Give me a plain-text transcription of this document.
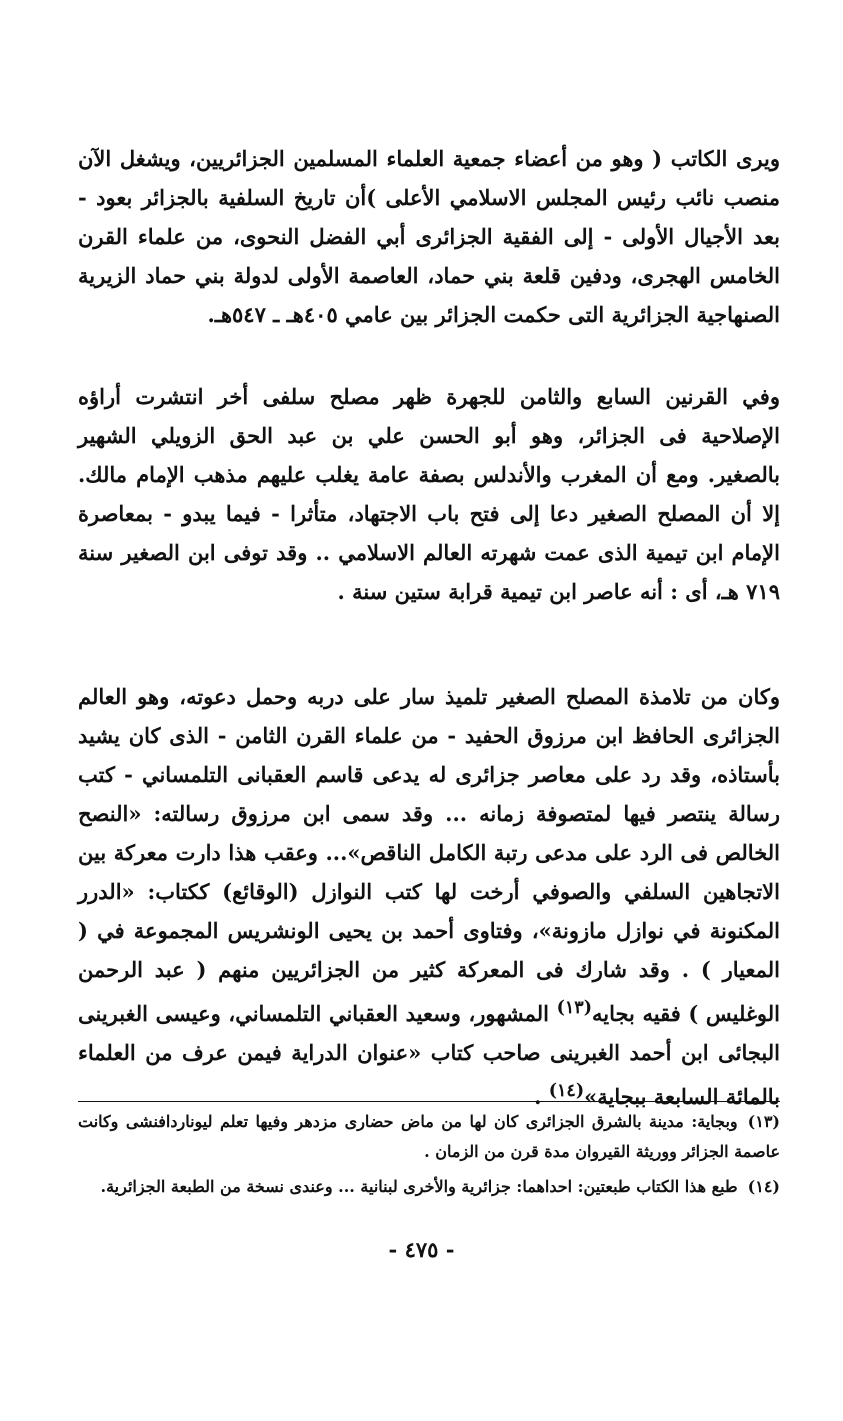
ويرى الكاتب ( وهو من أعضاء جمعية العلماء المسلمين الجزائريين، ويشغل الآن منصب نائب رئيس المجلس الاسلامي الأعلى )أن تاريخ السلفية بالجزائر بعود - بعد الأجيال الأولى - إلى الفقية الجزائرى أبي الفضل النحوى، من علماء القرن الخامس الهجرى، ودفين قلعة بني حماد، العاصمة الأولى لدولة بني حماد الزيرية الصنهاجية الجزائرية التى حكمت الجزائر بين عامي ٤٠٥هـ ـ ٥٤٧هـ.

وفي القرنين السابع والثامن للجهرة ظهر مصلح سلفى أخر انتشرت أراؤه الإصلاحية فى الجزائر، وهو أبو الحسن علي بن عبد الحق الزويلي الشهير بالصغير. ومع أن المغرب والأندلس بصفة عامة يغلب عليهم مذهب الإمام مالك. إلا أن المصلح الصغير دعا إلى فتح باب الاجتهاد، متأثرا - فيما يبدو - بمعاصرة الإمام ابن تيمية الذى عمت شهرته العالم الاسلامي .. وقد توفى ابن الصغير سنة ٧١٩ هـ، أى : أنه عاصر ابن تيمية قرابة ستين سنة .

وكان من تلامذة المصلح الصغير تلميذ سار على دربه وحمل دعوته، وهو العالم الجزائرى الحافظ ابن مرزوق الحفيد - من علماء القرن الثامن - الذى كان يشيد بأستاذه، وقد رد على معاصر جزائرى له يدعى قاسم العقبانى التلمساني - كتب رسالة ينتصر فيها لمتصوفة زمانه ... وقد سمى ابن مرزوق رسالته: «النصح الخالص فى الرد على مدعى رتبة الكامل الناقص»... وعقب هذا دارت معركة بين الاتجاهين السلفي والصوفي أرخت لها كتب النوازل (الوقائع) ككتاب: «الدرر المكنونة في نوازل مازونة»، وفتاوى أحمد بن يحيى الونشريس المجموعة في ( المعيار ) . وقد شارك فى المعركة كثير من الجزائريين منهم ( عبد الرحمن الوغليس ) فقيه بجايه$^{(١٣)}$ المشهور، وسعيد العقباني التلمساني، وعيسى الغبرينى البجائى ابن أحمد الغبرينى صاحب كتاب «عنوان الدراية فيمن عرف من العلماء بالمائة السابعة ببجاية»$^{(١٤)}$ .

(١٣)وبجاية: مدينة بالشرق الجزائرى كان لها من ماض حضارى مزدهر وفيها تعلم ليوناردافنشى وكانت عاصمة الجزائر ووريثة القيروان مدة قرن من الزمان .

(١٤)طبع هذا الكتاب طبعتين: احداهما: جزائرية والأخرى لبنانية ... وعندى نسخة من الطبعة الجزائرية.

- ٤٧٥ -
